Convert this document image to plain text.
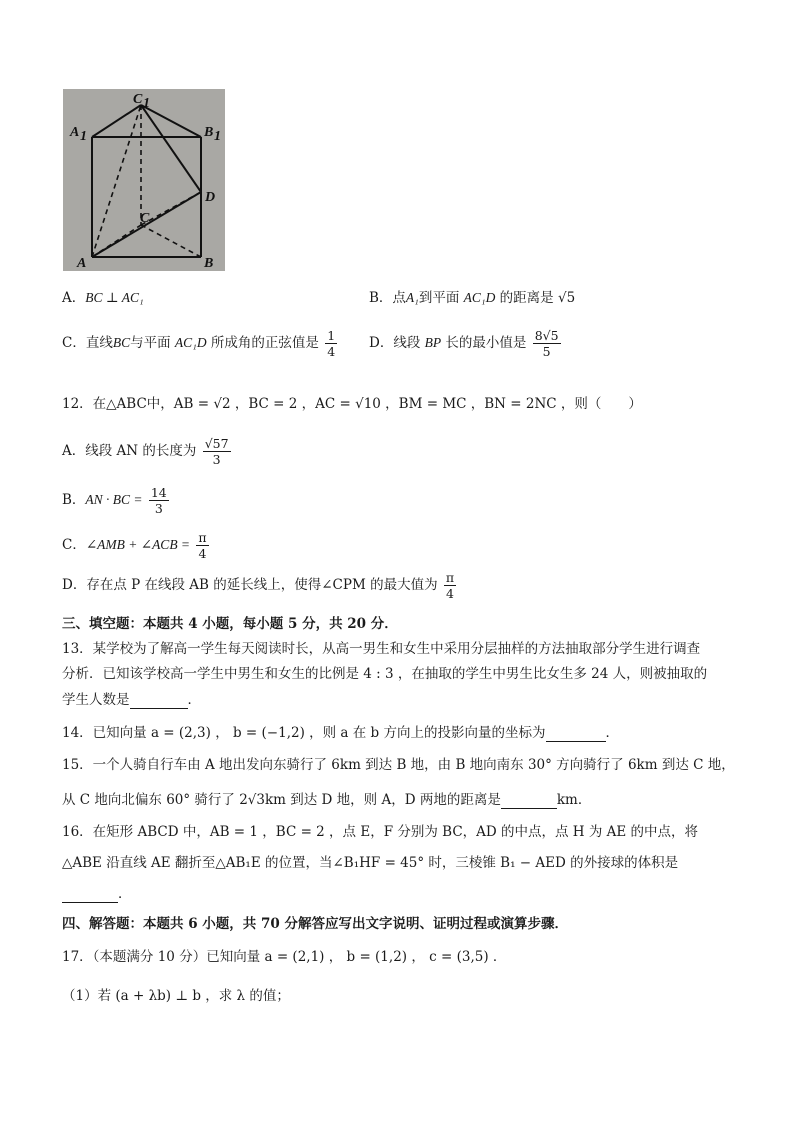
C 1
A 1	B 1
D
C
A	B
A．BC ⊥ AC₁	B．点A₁到平面 AC₁D 的距离是 √5
C．直线BC与平面 AC₁D 所成角的正弦值是 $\frac{1}{4}$ D．线段 BP 长的最小值是 $\frac{8√5}{5}$
12．在△ABC中，AB = √2 ，BC = 2 ，AC = √10 ，BM = MC ，BN = 2NC ，则（　　）
A．线段 AN 的长度为 $\frac{√57}{3}$
B．AN · BC = $\frac{14}{3}$
C．∠AMB + ∠ACB = $\frac{\pi}{4}$
D．存在点 P 在线段 AB 的延长线上，使得∠CPM 的最大值为 $\frac{\pi}{4}$
三、填空题：本题共 4 小题，每小题 5 分，共 20 分．
13．某学校为了解高一学生每天阅读时长，从高一男生和女生中采用分层抽样的方法抽取部分学生进行调查
分析．已知该学校高一学生中男生和女生的比例是 4 : 3 ，在抽取的学生中男生比女生多 24 人，则被抽取的
学生人数是	．
14．已知向量 a = (2,3) ， b = (−1,2) ，则 a 在 b 方向上的投影向量的坐标为	．
15．一个人骑自行车由 A 地出发向东骑行了 6km 到达 B 地，由 B 地向南东 30° 方向骑行了 6km 到达 C 地，
从 C 地向北偏东 60° 骑行了 2√3km 到达 D 地，则 A，D 两地的距离是	km．
16．在矩形 ABCD 中，AB = 1 ，BC = 2 ，点 E，F 分别为 BC，AD 的中点，点 H 为 AE 的中点，将
△ABE 沿直线 AE 翻折至△AB₁E 的位置，当∠B₁HF = 45° 时，三棱锥 B₁ − AED 的外接球的体积是
．
四、解答题：本题共 6 小题，共 70 分解答应写出文字说明、证明过程或演算步骤．
17．（本题满分 10 分）已知向量 a = (2,1) ， b = (1,2) ， c = (3,5) ．
（1）若 (a + λb) ⊥ b ，求 λ 的值；
